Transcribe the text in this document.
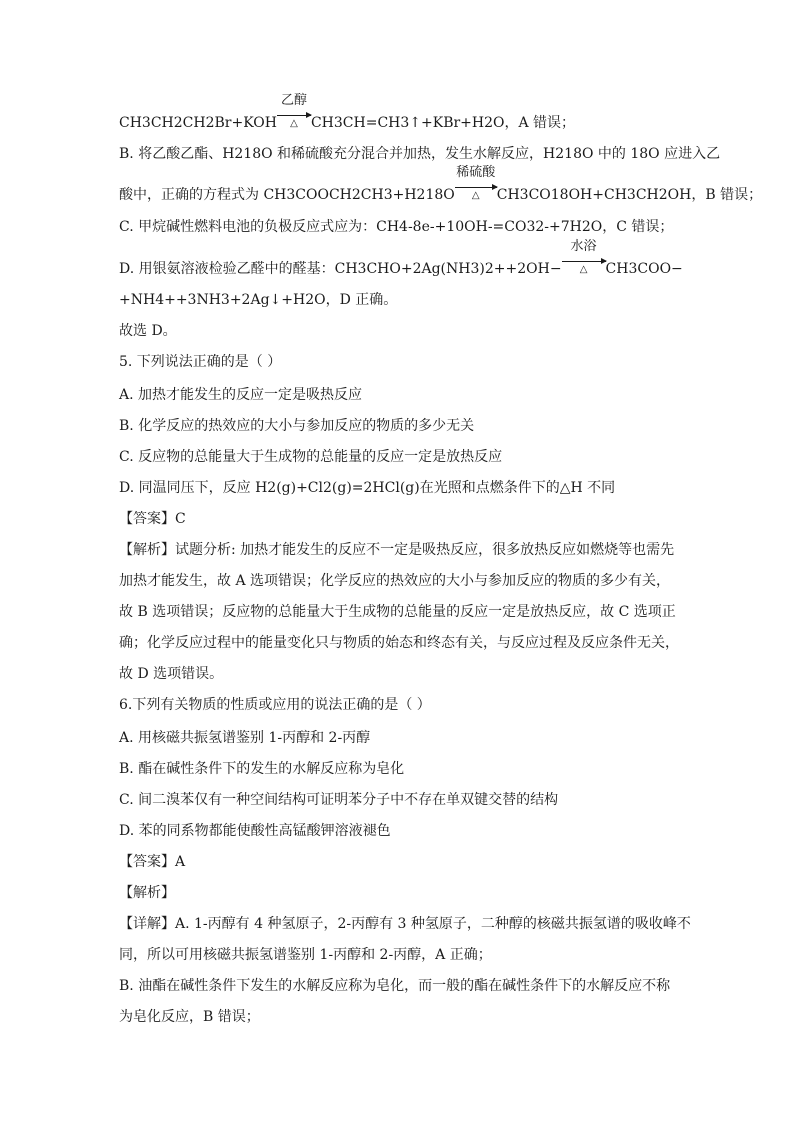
CH3CH2CH2Br+KOH
乙醇
△ CH3CH=CH3↑+KBr+H2O，A 错误；
B. 将乙酸乙酯、H218O 和稀硫酸充分混合并加热，发生水解反应，H218O 中的 18O 应进入乙
酸中，正确的方程式为 CH3COOCH2CH3+H218O
稀硫酸
△	CH3CO18OH+CH3CH2OH，B 错误；
C. 甲烷碱性燃料电池的负极反应式应为：CH4-8e-+10OH-=CO32-+7H2O，C 错误；
D. 用银氨溶液检验乙醛中的醛基：CH3CHO+2Ag(NH3)2++2OH−
水浴
△	CH3COO−
+NH4++3NH3+2Ag↓+H2O，D 正确。
故选 D。
5. 下列说法正确的是（ ）
A. 加热才能发生的反应一定是吸热反应
B. 化学反应的热效应的大小与参加反应的物质的多少无关
C. 反应物的总能量大于生成物的总能量的反应一定是放热反应
D. 同温同压下，反应 H2(g)+Cl2(g)=2HCl(g)在光照和点燃条件下的△H 不同
【答案】C
【解析】试题分析: 加热才能发生的反应不一定是吸热反应，很多放热反应如燃烧等也需先
加热才能发生，故 A 选项错误；化学反应的热效应的大小与参加反应的物质的多少有关，
故 B 选项错误；反应物的总能量大于生成物的总能量的反应一定是放热反应，故 C 选项正
确；化学反应过程中的能量变化只与物质的始态和终态有关，与反应过程及反应条件无关，
故 D 选项错误。
6.下列有关物质的性质或应用的说法正确的是（ ）
A. 用核磁共振氢谱鉴别 1-丙醇和 2-丙醇
B. 酯在碱性条件下的发生的水解反应称为皂化
C. 间二溴苯仅有一种空间结构可证明苯分子中不存在单双键交替的结构
D. 苯的同系物都能使酸性高锰酸钾溶液褪色
【答案】A
【解析】
【详解】A. 1-丙醇有 4 种氢原子，2-丙醇有 3 种氢原子，二种醇的核磁共振氢谱的吸收峰不
同，所以可用核磁共振氢谱鉴别 1-丙醇和 2-丙醇，A 正确；
B. 油酯在碱性条件下发生的水解反应称为皂化，而一般的酯在碱性条件下的水解反应不称
为皂化反应，B 错误；
